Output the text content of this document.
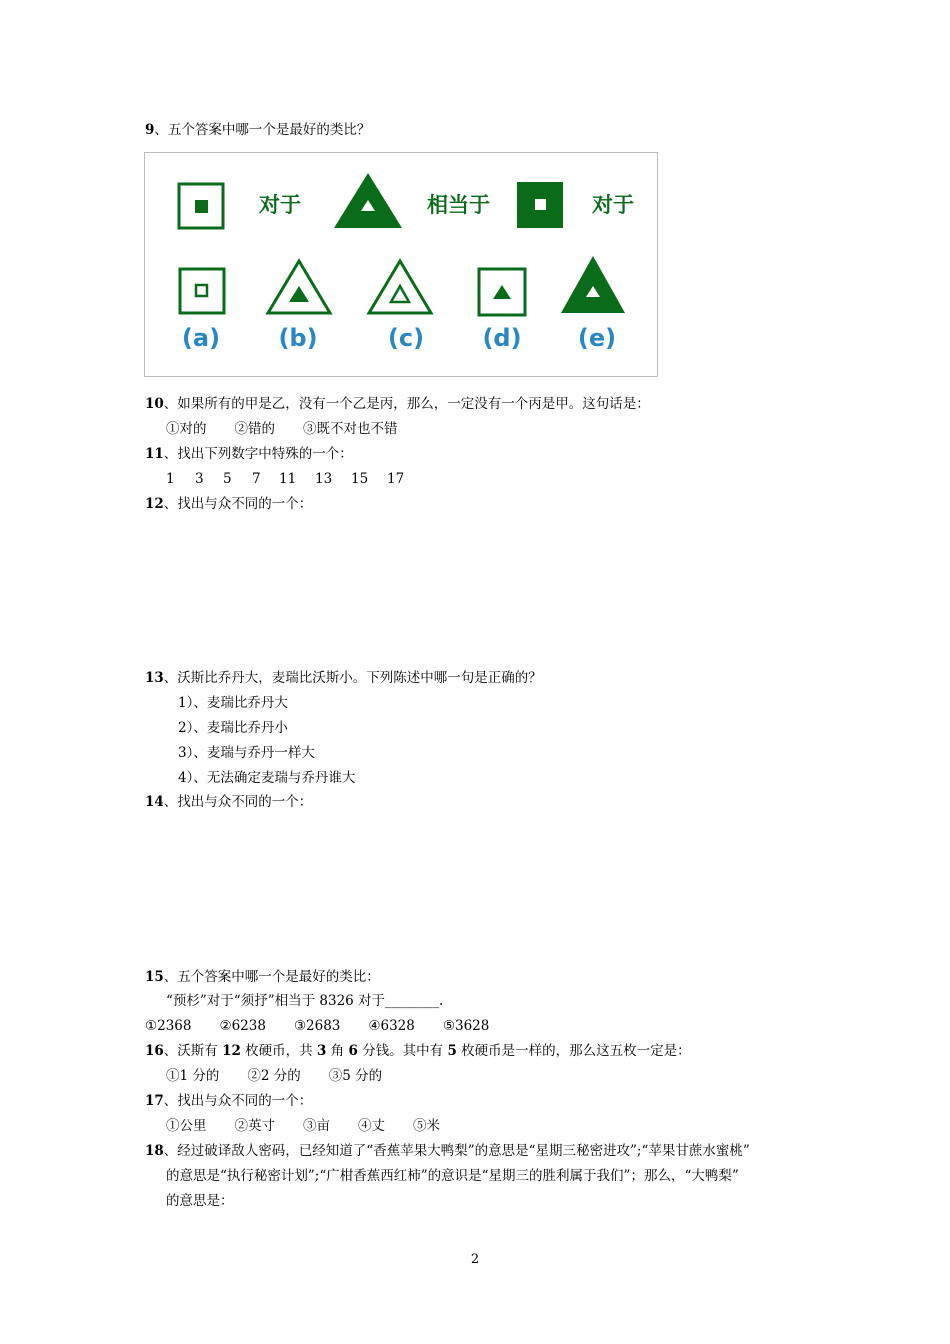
9、五个答案中哪一个是最好的类比？
对于	相当于	对于
(a) (b)	(c) (d) (e)
10、如果所有的甲是乙，没有一个乙是丙，那么，一定没有一个丙是甲。这句话是：
①对的 ②错的 ③既不对也不错
11、找出下列数字中特殊的一个：
1 3 5 7 11 13 15 17
12、找出与众不同的一个：
13、沃斯比乔丹大，麦瑞比沃斯小。下列陈述中哪一句是正确的？
1）、麦瑞比乔丹大
2）、麦瑞比乔丹小
3）、麦瑞与乔丹一样大
4）、无法确定麦瑞与乔丹谁大
14、找出与众不同的一个：
15、五个答案中哪一个是最好的类比：
“预杉”对于“须抒”相当于 8326 对于________.
①2368 ②6238 ③2683 ④6328 ⑤3628
16、沃斯有 12 枚硬币，共 3 角 6 分钱。其中有 5 枚硬币是一样的，那么这五枚一定是：
①1 分的 ②2 分的 ③5 分的
17、找出与众不同的一个：
①公里 ②英寸 ③亩 ④丈 ⑤米
18、经过破译敌人密码，已经知道了“香蕉苹果大鸭梨”的意思是“星期三秘密进攻”;“苹果甘蔗水蜜桃”
的意思是“执行秘密计划”;“广柑香蕉西红柿”的意识是“星期三的胜利属于我们”；那么，“大鸭梨”
的意思是：
2
